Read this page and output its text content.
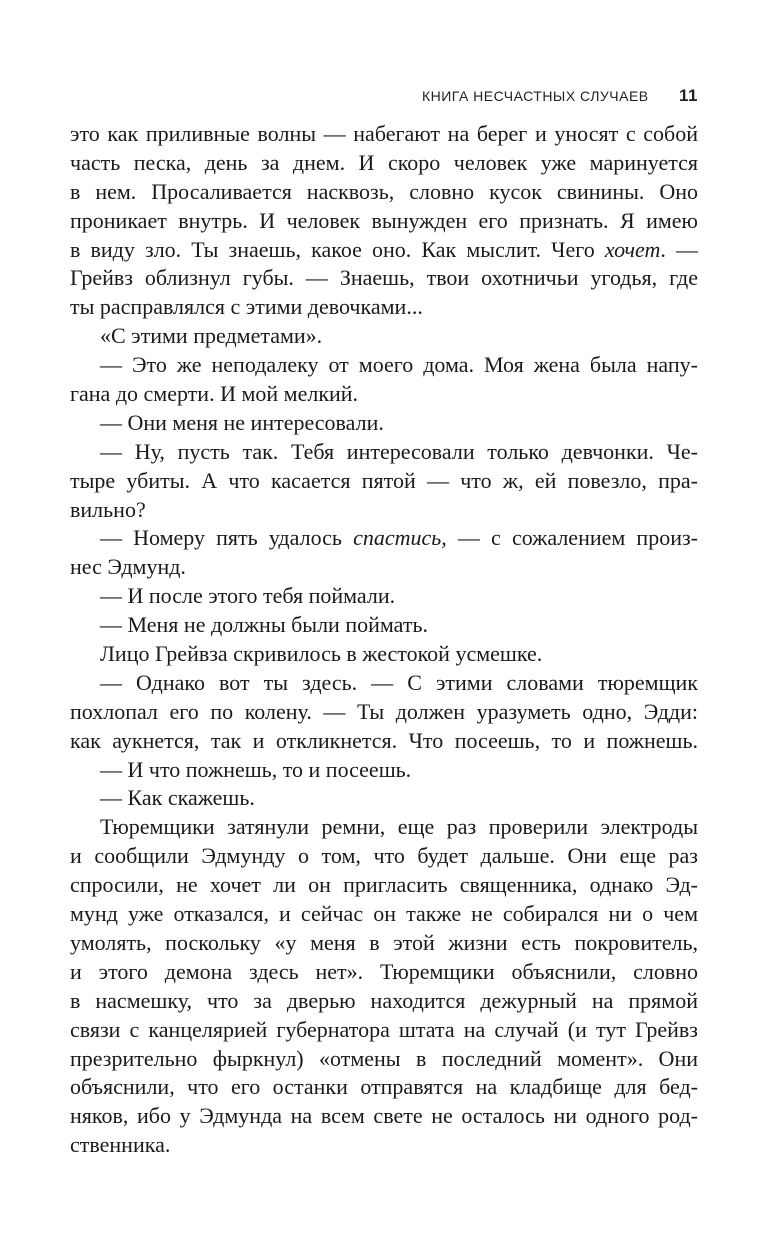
КНИГА НЕСЧАСТНЫХ СЛУЧАЕВ 11
это как приливные волны — набегают на берег и уносят с собой
часть песка, день за днем. И скоро человек уже маринуется
в нем. Просаливается насквозь, словно кусок свинины. Оно
проникает внутрь. И человек вынужден его признать. Я имею
в виду зло. Ты знаешь, какое оно. Как мыслит. Чего хочет. —
Грейвз облизнул губы. — Знаешь, твои охотничьи угодья, где
ты расправлялся с этими девочками...
«С этими предметами».
— Это же неподалеку от моего дома. Моя жена была напу-
гана до смерти. И мой мелкий.
— Они меня не интересовали.
— Ну, пусть так. Тебя интересовали только девчонки. Че-
тыре убиты. А что касается пятой — что ж, ей повезло, пра-
вильно?
— Номеру пять удалось спастись, — с сожалением произ-
нес Эдмунд.
— И после этого тебя поймали.
— Меня не должны были поймать.
Лицо Грейвза скривилось в жестокой усмешке.
— Однако вот ты здесь. — С этими словами тюремщик
похлопал его по колену. — Ты должен уразуметь одно, Эдди:
как аукнется, так и откликнется. Что посеешь, то и пожнешь.
— И что пожнешь, то и посеешь.
— Как скажешь.
Тюремщики затянули ремни, еще раз проверили электроды
и сообщили Эдмунду о том, что будет дальше. Они еще раз
спросили, не хочет ли он пригласить священника, однако Эд-
мунд уже отказался, и сейчас он также не собирался ни о чем
умолять, поскольку «у меня в этой жизни есть покровитель,
и этого демона здесь нет». Тюремщики объяснили, словно
в насмешку, что за дверью находится дежурный на прямой
связи с канцелярией губернатора штата на случай (и тут Грейвз
презрительно фыркнул) «отмены в последний момент». Они
объяснили, что его останки отправятся на кладбище для бед-
няков, ибо у Эдмунда на всем свете не осталось ни одного род-
ственника.
